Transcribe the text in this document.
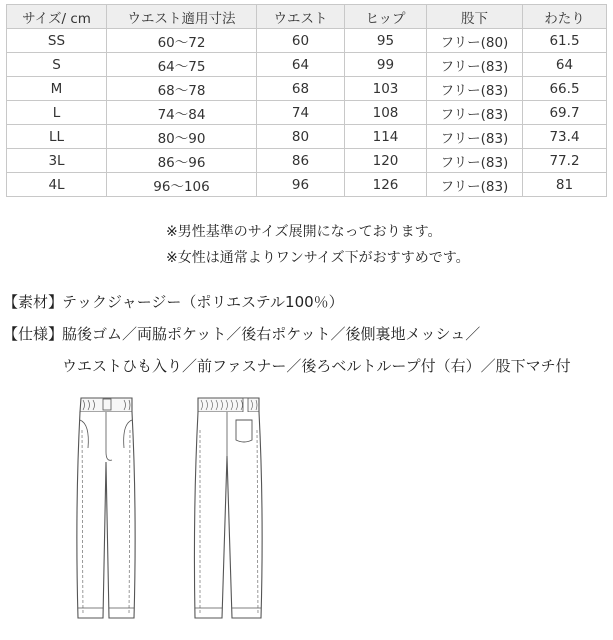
サイズ/ cm	ウエスト適用寸法	ウエスト	ヒップ	股下	わたり
SS	60〜72	60	95	フリー(80)	61.5
S	64〜75	64	99	フリー(83)	64
M	68〜78	68	103	フリー(83)	66.5
L	74〜84	74	108	フリー(83)	69.7
LL	80〜90	80	114	フリー(83)	73.4
3L	86〜96	86	120	フリー(83)	77.2
4L	96〜106	96	126	フリー(83)	81
※男性基準のサイズ展開になっております。
※女性は通常よりワンサイズ下がおすすめです。
【素材】テックジャージー（ポリエステル100％）
【仕様】脇後ゴム／両脇ポケット／後右ポケット／後側裏地メッシュ／
ウエストひも入り／前ファスナー／後ろベルトループ付（右）／股下マチ付
